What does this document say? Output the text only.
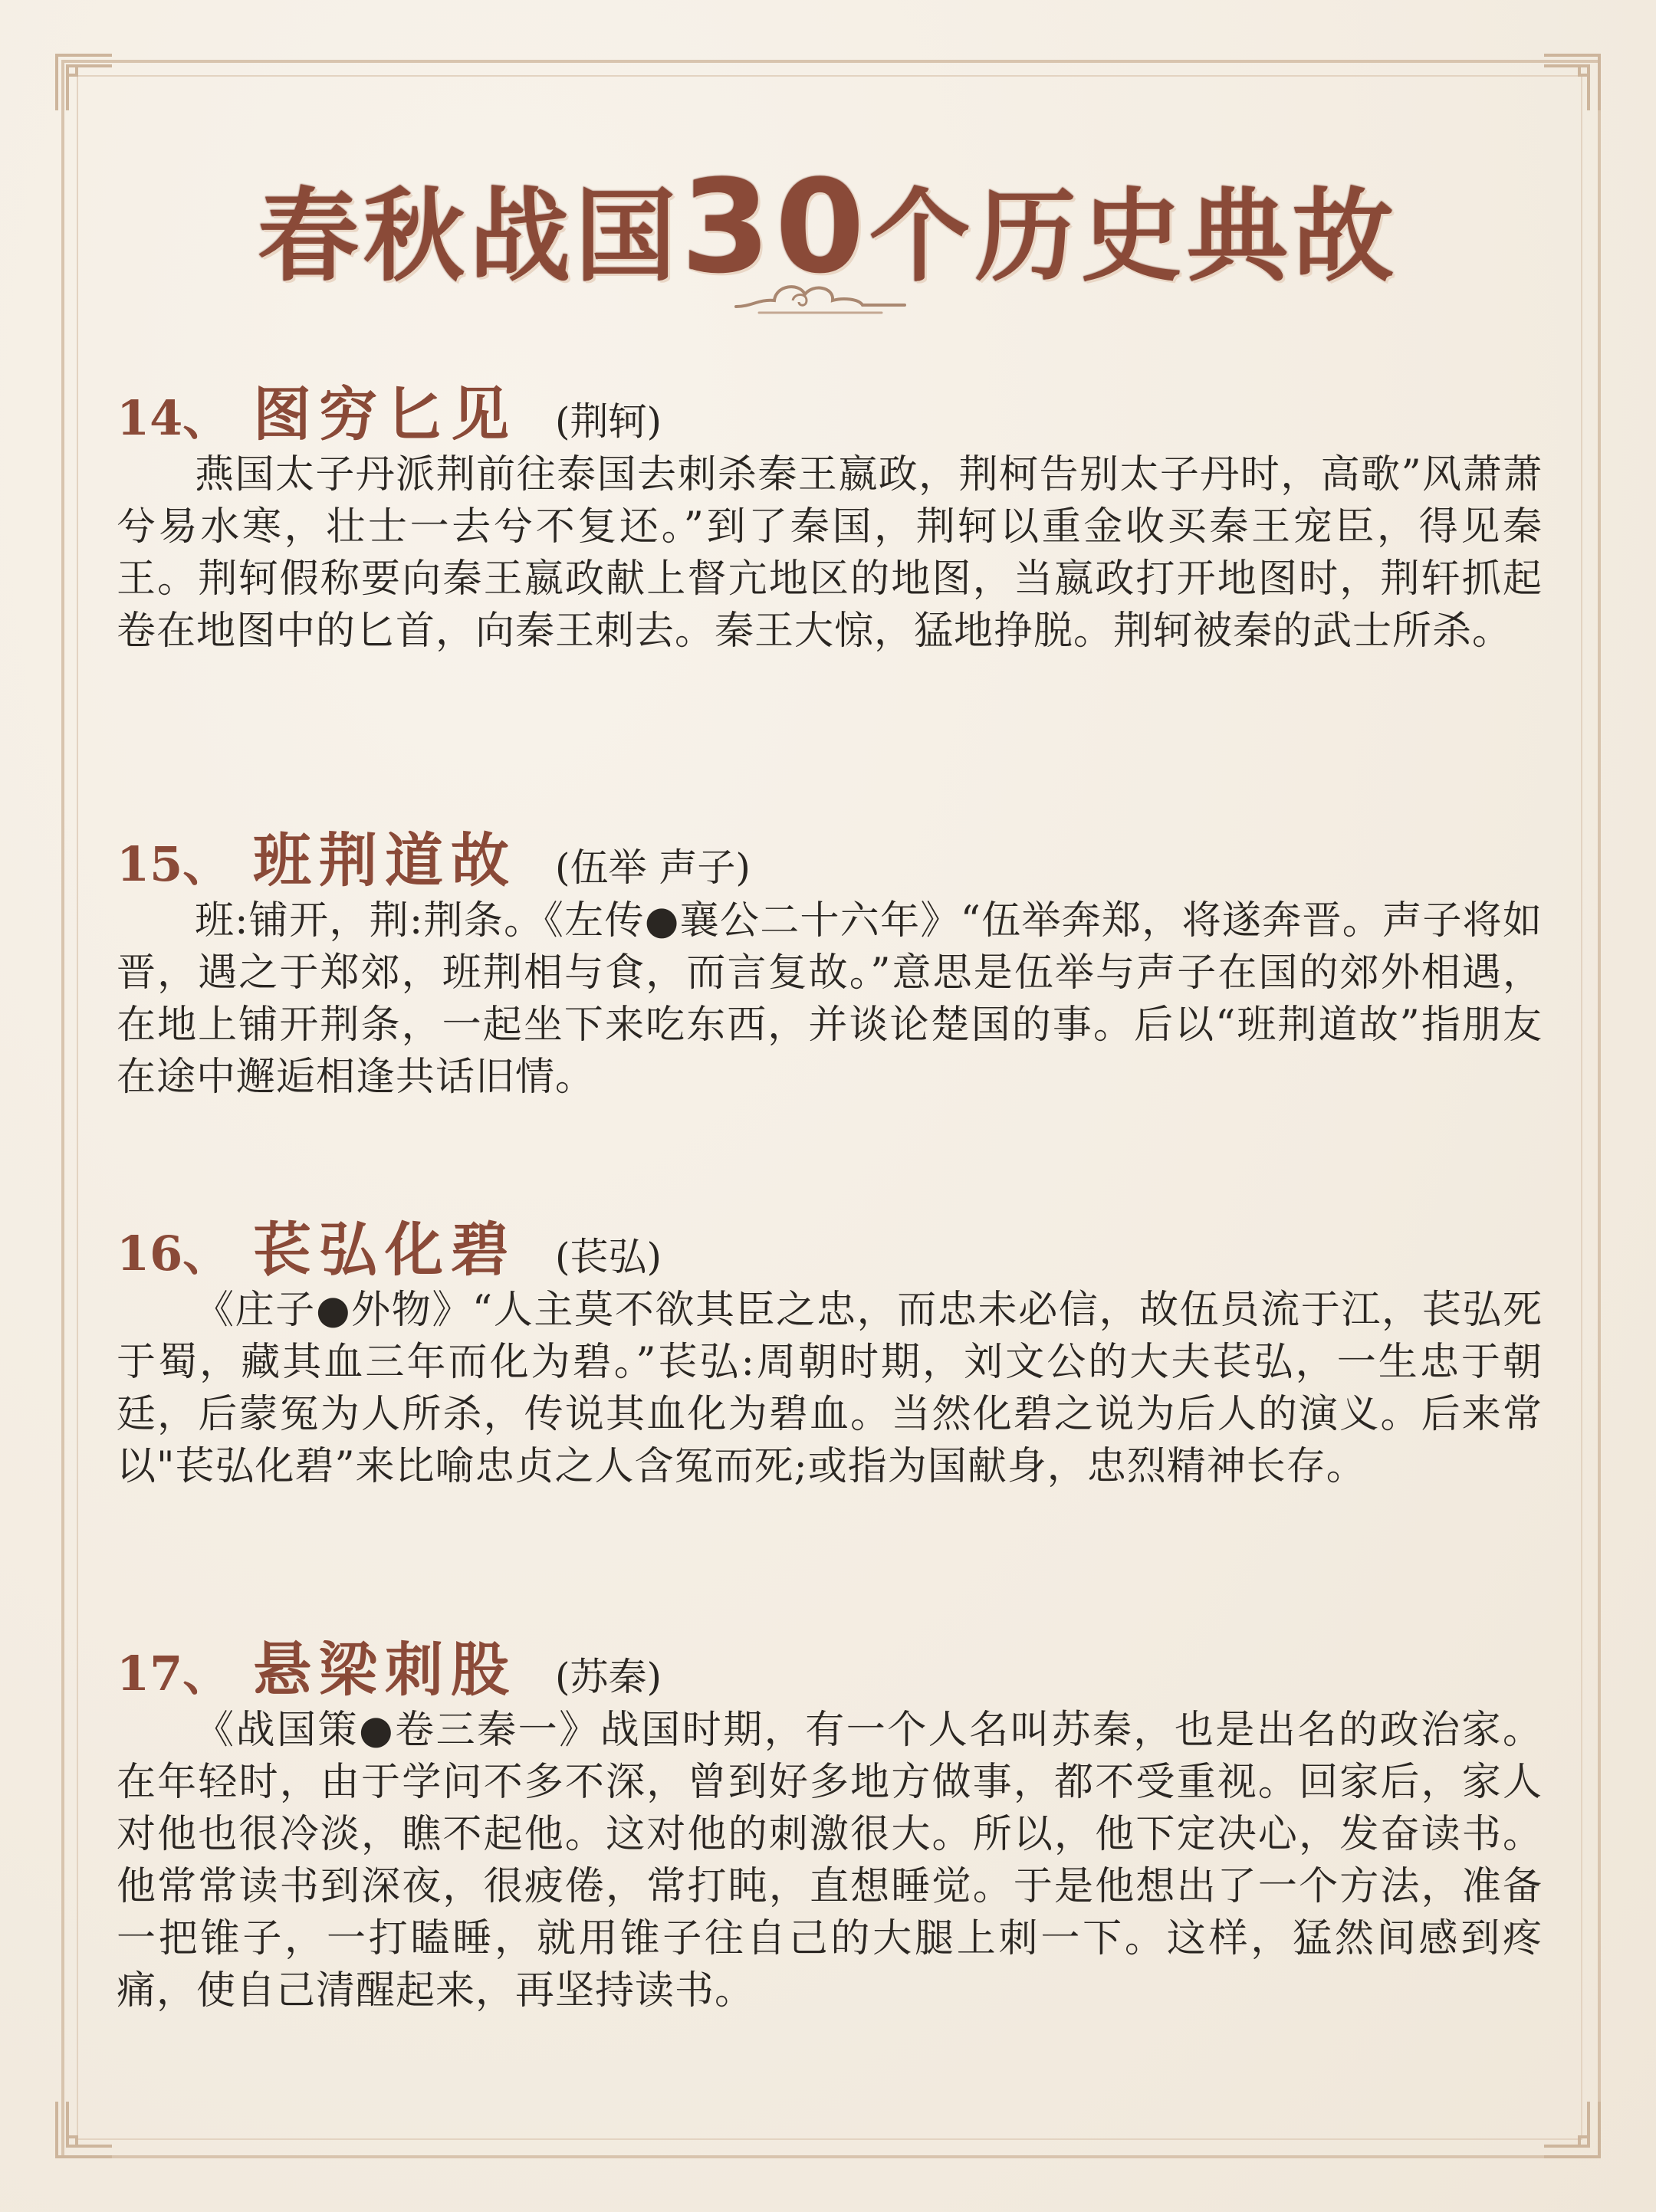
春秋战国30个历史典故
14、 图穷匕见 (荆轲)
燕国太子丹派荆前往泰国去刺杀秦王嬴政，荆柯告别太子丹时，高歌”风萧萧兮易水寒，壮士一去兮不复还。”到了秦国，荆轲以重金收买秦王宠臣，得见秦王。荆轲假称要向秦王嬴政献上督亢地区的地图，当嬴政打开地图时，荆轩抓起卷在地图中的匕首，向秦王刺去。秦王大惊，猛地挣脱。荆轲被秦的武士所杀。
15、 班荆道故 (伍举 声子)
班:铺开，荆:荆条。《左传●襄公二十六年》“伍举奔郑，将遂奔晋。声子将如晋，遇之于郑郊，班荆相与食，而言复故。”意思是伍举与声子在国的郊外相遇，在地上铺开荆条，一起坐下来吃东西，并谈论楚国的事。后以“班荆道故”指朋友在途中邂逅相逢共话旧情。
16、 苌弘化碧 (苌弘)
《庄子●外物》“人主莫不欲其臣之忠，而忠未必信，故伍员流于江，苌弘死于蜀，藏其血三年而化为碧。”苌弘:周朝时期，刘文公的大夫苌弘，一生忠于朝廷，后蒙冤为人所杀，传说其血化为碧血。当然化碧之说为后人的演义。后来常以"苌弘化碧”来比喻忠贞之人含冤而死;或指为国献身，忠烈精神长存。
17、 悬梁刺股 (苏秦)
《战国策●卷三秦一》战国时期，有一个人名叫苏秦，也是出名的政治家。在年轻时，由于学问不多不深，曾到好多地方做事，都不受重视。回家后，家人对他也很冷淡，瞧不起他。这对他的刺激很大。所以，他下定决心，发奋读书。他常常读书到深夜，很疲倦，常打盹，直想睡觉。于是他想出了一个方法，准备一把锥子，一打瞌睡，就用锥子往自己的大腿上刺一下。这样，猛然间感到疼痛，使自己清醒起来，再坚持读书。
